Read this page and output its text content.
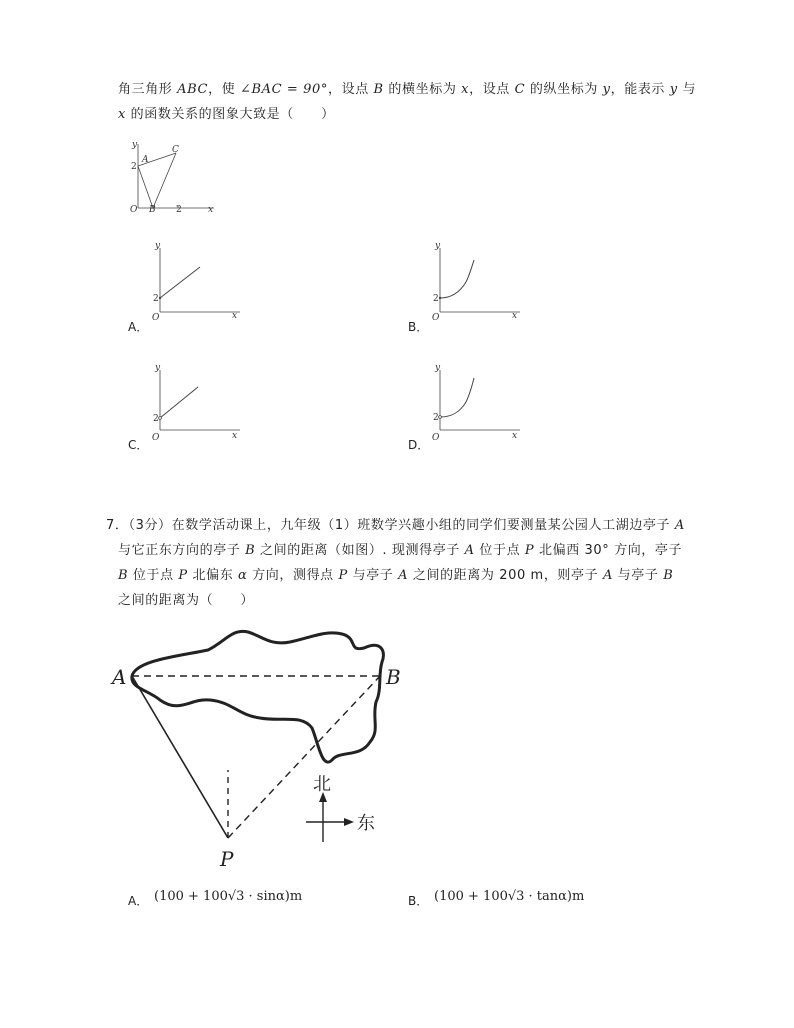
角三角形 ABC，使 ∠BAC = 90°，设点 B 的横坐标为 x，设点 C 的纵坐标为 y，能表示 y 与
x 的函数关系的图象大致是（　　）
y
A
C
2
O B 2	x
A．
y
2
O	x
B．
y
2
O	x
C．
y
2
O	x
D．
y
2
O	x
7．（3分）在数学活动课上，九年级（1）班数学兴趣小组的同学们要测量某公园人工湖边亭子 A
与它正东方向的亭子 B 之间的距离（如图）. 现测得亭子 A 位于点 P 北偏西 30° 方向，亭子
B 位于点 P 北偏东 α 方向，测得点 P 与亭子 A 之间的距离为 200 m，则亭子 A 与亭子 B
之间的距离为（　　）
A	B
P
北
东
A． (100 + 100√3 · sinα)m	B． (100 + 100√3 · tanα)m
